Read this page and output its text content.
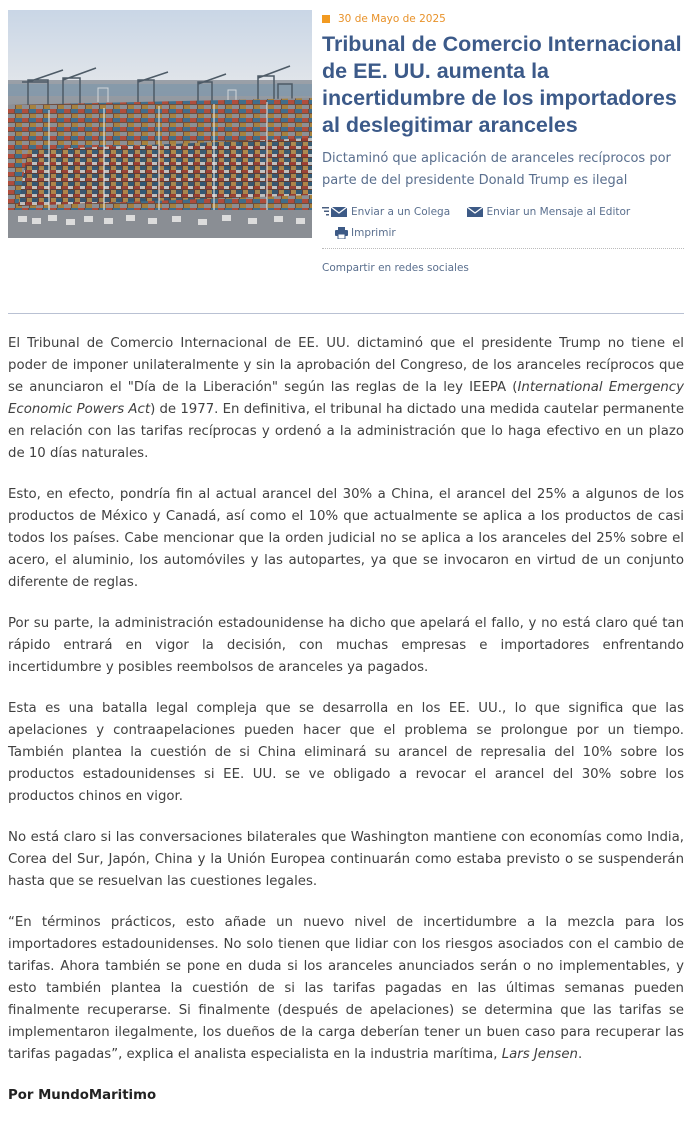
30 de Mayo de 2025
Tribunal de Comercio Internacional de EE. UU. aumenta la incertidumbre de los importadores al deslegitimar aranceles
Dictaminó que aplicación de aranceles recíprocos por parte de del presidente Donald Trump es ilegal
Enviar a un Colega
	Enviar un Mensaje al Editor
Imprimir
Compartir en redes sociales

El Tribunal de Comercio Internacional de EE. UU. dictaminó que el presidente Trump no tiene el poder de imponer unilateralmente y sin la aprobación del Congreso, de los aranceles recíprocos que se anunciaron el "Día de la Liberación" según las reglas de la ley IEEPA (International Emergency Economic Powers Act) de 1977. En definitiva, el tribunal ha dictado una medida cautelar permanente en relación con las tarifas recíprocas y ordenó a la administración que lo haga efectivo en un plazo de 10 días naturales.

Esto, en efecto, pondría fin al actual arancel del 30% a China, el arancel del 25% a algunos de los productos de México y Canadá, así como el 10% que actualmente se aplica a los productos de casi todos los países. Cabe mencionar que la orden judicial no se aplica a los aranceles del 25% sobre el acero, el aluminio, los automóviles y las autopartes, ya que se invocaron en virtud de un conjunto diferente de reglas.

Por su parte, la administración estadounidense ha dicho que apelará el fallo, y no está claro qué tan rápido entrará en vigor la decisión, con muchas empresas e importadores enfrentando incertidumbre y posibles reembolsos de aranceles ya pagados.

Esta es una batalla legal compleja que se desarrolla en los EE. UU., lo que significa que las apelaciones y contraapelaciones pueden hacer que el problema se prolongue por un tiempo. También plantea la cuestión de si China eliminará su arancel de represalia del 10% sobre los productos estadounidenses si EE. UU. se ve obligado a revocar el arancel del 30% sobre los productos chinos en vigor.

No está claro si las conversaciones bilaterales que Washington mantiene con economías como India, Corea del Sur, Japón, China y la Unión Europea continuarán como estaba previsto o se suspenderán hasta que se resuelvan las cuestiones legales.

“En términos prácticos, esto añade un nuevo nivel de incertidumbre a la mezcla para los importadores estadounidenses. No solo tienen que lidiar con los riesgos asociados con el cambio de tarifas. Ahora también se pone en duda si los aranceles anunciados serán o no implementables, y esto también plantea la cuestión de si las tarifas pagadas en las últimas semanas pueden finalmente recuperarse. Si finalmente (después de apelaciones) se determina que las tarifas se implementaron ilegalmente, los dueños de la carga deberían tener un buen caso para recuperar las tarifas pagadas”, explica el analista especialista en la industria marítima, Lars Jensen.

Por MundoMaritimo
